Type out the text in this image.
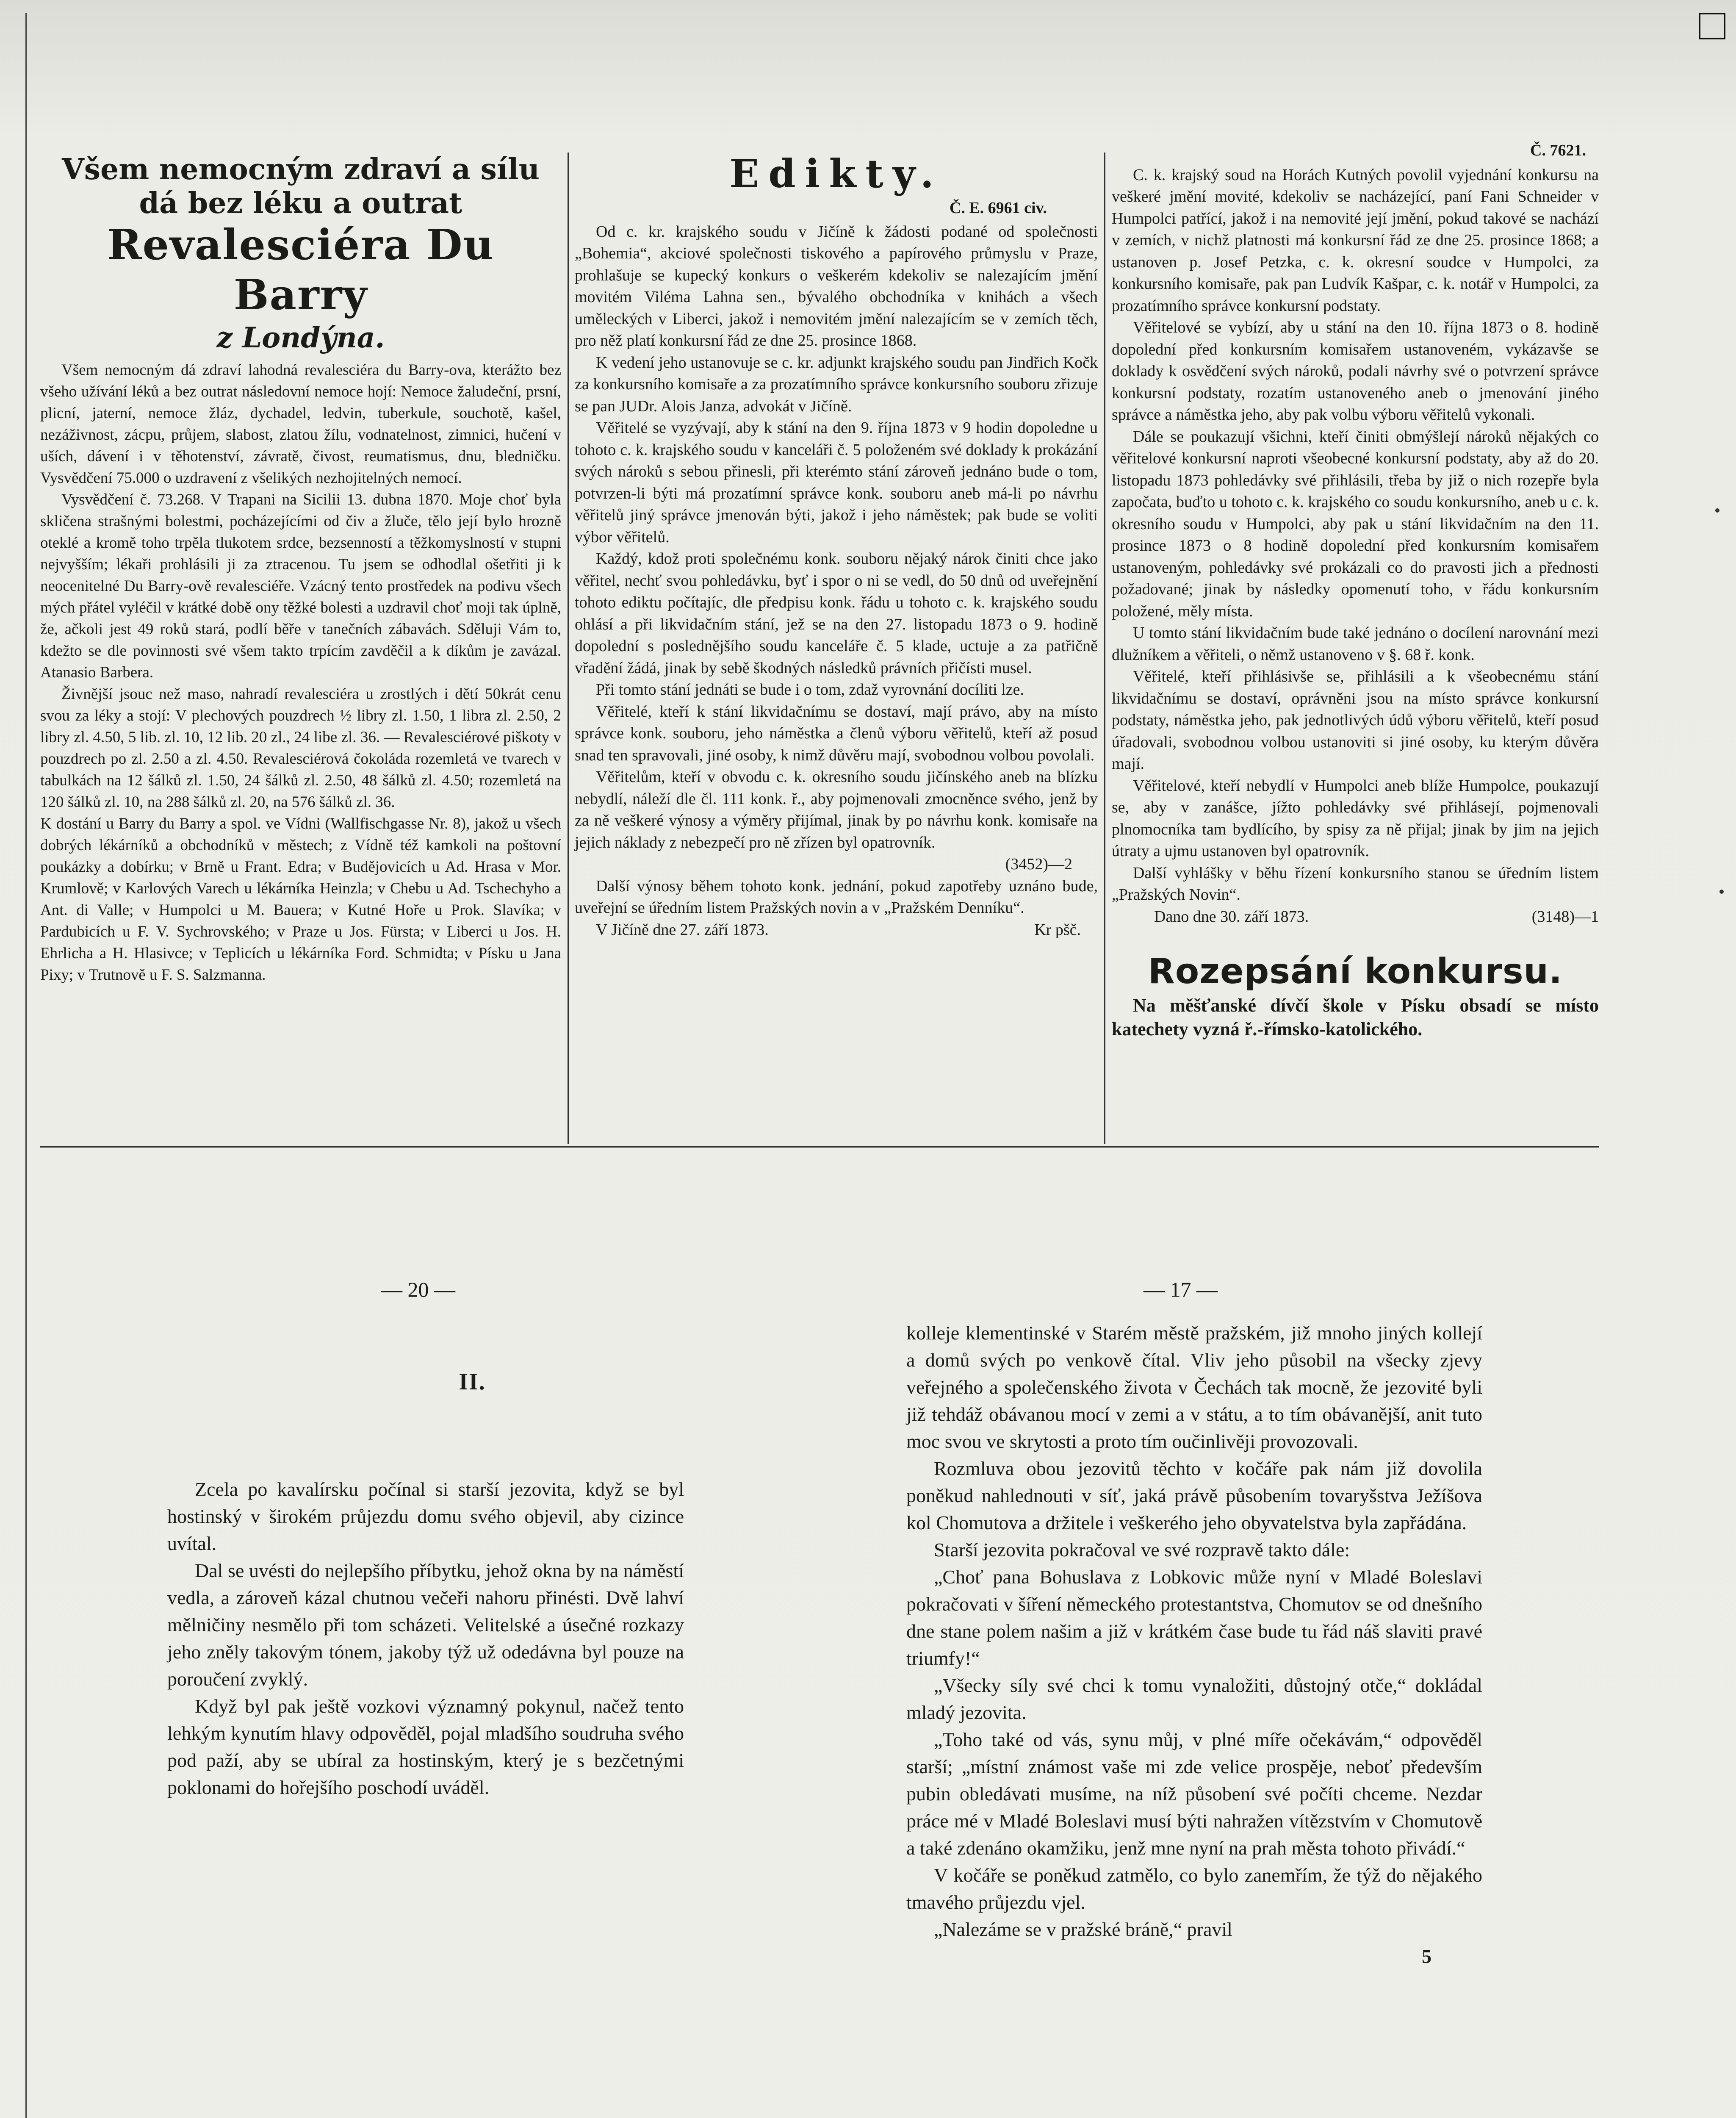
Všem nemocným zdraví a sílu
dá bez léku a outrat
Revalesciéra Du Barry
z Londýna.

Všem nemocným dá zdraví lahodná revalesciéra du Barry-ova, kterážto bez všeho užívání léků a bez outrat následovní nemoce hojí: Nemoce žaludeční, prsní, plicní, jaterní, nemoce žláz, dychadel, ledvin, tuberkule, souchotě, kašel, nezáživnost, zácpu, průjem, slabost, zlatou žílu, vodnatelnost, zimnici, hučení v uších, dávení i v těhotenství, závratě, čivost, reumatismus, dnu, bledničku. Vysvědčení 75.000 o uzdravení z všelikých nezhojitelných nemocí.

Vysvědčení č. 73.268. V Trapani na Sicilii 13. dubna 1870. Moje choť byla skličena strašnými bolestmi, pocházejícími od čiv a žluče, tělo její bylo hrozně oteklé a kromě toho trpěla tlukotem srdce, bezsenností a těžkomyslností v stupni nejvyšším; lékaři prohlásili ji za ztracenou. Tu jsem se odhodlal ošetřiti ji k neocenitelné Du Barry-ově revalesciéře. Vzácný tento prostředek na podivu všech mých přátel vyléčil v krátké době ony těžké bolesti a uzdravil choť moji tak úplně, že, ačkoli jest 49 roků stará, podlí běře v tanečních zábavách. Sděluji Vám to, kdežto se dle povinnosti své všem takto trpícím zavděčil a k díkům je zavázal. Atanasio Barbera.

Živnější jsouc než maso, nahradí revalesciéra u zrostlých i dětí 50krát cenu svou za léky a stojí: V plechových pouzdrech ½ libry zl. 1.50, 1 libra zl. 2.50, 2 libry zl. 4.50, 5 lib. zl. 10, 12 lib. 20 zl., 24 libe zl. 36. — Revalesciérové piškoty v pouzdrech po zl. 2.50 a zl. 4.50. Revalesciérová čokoláda rozemletá ve tvarech v tabulkách na 12 šálků zl. 1.50, 24 šálků zl. 2.50, 48 šálků zl. 4.50; rozemletá na 120 šálků zl. 10, na 288 šálků zl. 20, na 576 šálků zl. 36.

K dostání u Barry du Barry a spol. ve Vídni (Wallfischgasse Nr. 8), jakož u všech dobrých lékárníků a obchodníků v městech; z Vídně též kamkoli na poštovní poukázky a dobírku; v Brně u Frant. Edra; v Budějovicích u Ad. Hrasa v Mor. Krumlově; v Karlových Varech u lékárníka Heinzla; v Chebu u Ad. Tschechyho a Ant. di Valle; v Humpolci u M. Bauera; v Kutné Hoře u Prok. Slavíka; v Pardubicích u F. V. Sychrovského; v Praze u Jos. Fürsta; v Liberci u Jos. H. Ehrlicha a H. Hlasivce; v Teplicích u lékárníka Ford. Schmidta; v Písku u Jana Pixy; v Trutnově u F. S. Salzmanna.

Edikty.
Č. E. 6961 civ.

Od c. kr. krajského soudu v Jičíně k žádosti podané od společnosti „Bohemia“, akciové společnosti tiskového a papírového průmyslu v Praze, prohlašuje se kupecký konkurs o veškerém kdekoliv se nalezajícím jmění movitém Viléma Lahna sen., bývalého obchodníka v knihách a všech uměleckých v Liberci, jakož i nemovitém jmění nalezajícím se v zemích těch, pro něž platí konkursní řád ze dne 25. prosince 1868.

K vedení jeho ustanovuje se c. kr. adjunkt krajského soudu pan Jindřich Kočk za konkursního komisaře a za prozatímního správce konkursního souboru zřizuje se pan JUDr. Alois Janza, advokát v Jičíně.

Věřitelé se vyzývají, aby k stání na den 9. října 1873 v 9 hodin dopoledne u tohoto c. k. krajského soudu v kanceláři č. 5 položeném své doklady k prokázání svých nároků s sebou přinesli, při kterémto stání zároveň jednáno bude o tom, potvrzen-li býti má prozatímní správce konk. souboru aneb má-li po návrhu věřitelů jiný správce jmenován býti, jakož i jeho náměstek; pak bude se voliti výbor věřitelů.

Každý, kdož proti společnému konk. souboru nějaký nárok činiti chce jako věřitel, nechť svou pohledávku, byť i spor o ni se vedl, do 50 dnů od uveřejnění tohoto ediktu počítajíc, dle předpisu konk. řádu u tohoto c. k. krajského soudu ohlásí a při likvidačním stání, jež se na den 27. listopadu 1873 o 9. hodině dopolední s poslednějšího soudu kanceláře č. 5 klade, uctuje a za patřičně vřadění žádá, jinak by sebě škodných následků právních přičísti musel.

Při tomto stání jednáti se bude i o tom, zdaž vyrovnání docíliti lze.

Věřitelé, kteří k stání likvidačnímu se dostaví, mají právo, aby na místo správce konk. souboru, jeho náměstka a členů výboru věřitelů, kteří až posud snad ten spravovali, jiné osoby, k nimž důvěru mají, svobodnou volbou povolali.

Věřitelům, kteří v obvodu c. k. okresního soudu jičínského aneb na blízku nebydlí, náleží dle čl. 111 konk. ř., aby pojmenovali zmocněnce svého, jenž by za ně veškeré výnosy a výměry přijímal, jinak by po návrhu konk. komisaře na jejich náklady z nebezpečí pro ně zřízen byl opatrovník.

(3452)—2

Další výnosy během tohoto konk. jednání, pokud zapotřeby uznáno bude, uveřejní se úředním listem Pražských novin a v „Pražském Denníku“.

V Jičíně dne 27. září 1873.	Kr pšč.
Č. 7621.

C. k. krajský soud na Horách Kutných povolil vyjednání konkursu na veškeré jmění movité, kdekoliv se nacházející, paní Fani Schneider v Humpolci patřící, jakož i na nemovité její jmění, pokud takové se nachází v zemích, v nichž platnosti má konkursní řád ze dne 25. prosince 1868; a ustanoven p. Josef Petzka, c. k. okresní soudce v Humpolci, za konkursního komisaře, pak pan Ludvík Kašpar, c. k. notář v Humpolci, za prozatímního správce konkursní podstaty.

Věřitelové se vybízí, aby u stání na den 10. října 1873 o 8. hodině dopolední před konkursním komisařem ustanoveném, vykázavše se doklady k osvědčení svých nároků, podali návrhy své o potvrzení správce konkursní podstaty, rozatím ustanoveného aneb o jmenování jiného správce a náměstka jeho, aby pak volbu výboru věřitelů vykonali.

Dále se poukazují všichni, kteří činiti obmýšlejí nároků nějakých co věřitelové konkursní naproti všeobecné konkursní podstaty, aby až do 20. listopadu 1873 pohledávky své přihlásili, třeba by již o nich rozepře byla započata, buďto u tohoto c. k. krajského co soudu konkursního, aneb u c. k. okresního soudu v Humpolci, aby pak u stání likvidačním na den 11. prosince 1873 o 8 hodině dopolední před konkursním komisařem ustanoveným, pohledávky své prokázali co do pravosti jich a přednosti požadované; jinak by následky opomenutí toho, v řádu konkursním položené, měly místa.

U tomto stání likvidačním bude také jednáno o docílení narovnání mezi dlužníkem a věřiteli, o němž ustanoveno v §. 68 ř. konk.

Věřitelé, kteří přihlásivše se, přihlásili a k všeobecnému stání likvidačnímu se dostaví, oprávněni jsou na místo správce konkursní podstaty, náměstka jeho, pak jednotlivých údů výboru věřitelů, kteří posud úřadovali, svobodnou volbou ustanoviti si jiné osoby, ku kterým důvěra mají.

Věřitelové, kteří nebydlí v Humpolci aneb blíže Humpolce, poukazují se, aby v zanášce, jížto pohledávky své přihlásejí, pojmenovali plnomocníka tam bydlícího, by spisy za ně přijal; jinak by jim na jejich útraty a ujmu ustanoven byl opatrovník.

Další vyhlášky v běhu řízení konkursního stanou se úředním listem „Pražských Novin“.

Dano dne 30. září 1873.	(3148)—1
Rozepsání konkursu.

Na měšťanské dívčí škole v Písku obsadí se místo katechety vyzná ř.-římsko-katolického.

— 20 —	— 17 —
II.

Zcela po kavalírsku počínal si starší jezovita, když se byl hostinský v širokém průjezdu domu svého objevil, aby cizince uvítal.

Dal se uvésti do nejlepšího příbytku, jehož okna by na náměstí vedla, a zároveň kázal chutnou večeři nahoru přinésti. Dvě lahví mělničiny nesmělo při tom scházeti. Velitelské a úsečné rozkazy jeho zněly takovým tónem, jakoby týž už odedávna byl pouze na poroučení zvyklý.

Když byl pak ještě vozkovi významný pokynul, načež tento lehkým kynutím hlavy odpověděl, pojal mladšího soudruha svého pod paží, aby se ubíral za hostinským, který je s bezčetnými poklonami do hořejšího poschodí uváděl.

kolleje klementinské v Starém městě pražském, již mnoho jiných kollejí a domů svých po venkově čítal. Vliv jeho působil na všecky zjevy veřejného a společenského života v Čechách tak mocně, že jezovité byli již tehdáž obávanou mocí v zemi a v státu, a to tím obávanější, anit tuto moc svou ve skrytosti a proto tím oučinlivěji provozovali.

Rozmluva obou jezovitů těchto v kočáře pak nám již dovolila poněkud nahlednouti v síť, jaká právě působením tovaryšstva Ježíšova kol Chomutova a držitele i veškerého jeho obyvatelstva byla zapřádána.

Starší jezovita pokračoval ve své rozpravě takto dále:

„Choť pana Bohuslava z Lobkovic může nyní v Mladé Boleslavi pokračovati v šíření německého protestantstva, Chomutov se od dnešního dne stane polem našim a již v krátkém čase bude tu řád náš slaviti pravé triumfy!“

„Všecky síly své chci k tomu vynaložiti, důstojný otče,“ dokládal mladý jezovita.

„Toho také od vás, synu můj, v plné míře očekávám,“ odpověděl starší; „místní známost vaše mi zde velice prospěje, neboť především pubin obledávati musíme, na níž působení své počíti chceme. Nezdar práce mé v Mladé Boleslavi musí býti nahražen vítězstvím v Chomutově a také zdenáno okamžiku, jenž mne nyní na prah města tohoto přivádí.“

V kočáře se poněkud zatmělo, co bylo zanemřím, že týž do nějakého tmavého průjezdu vjel.

„Nalezáme se v pražské bráně,“ pravil

5
